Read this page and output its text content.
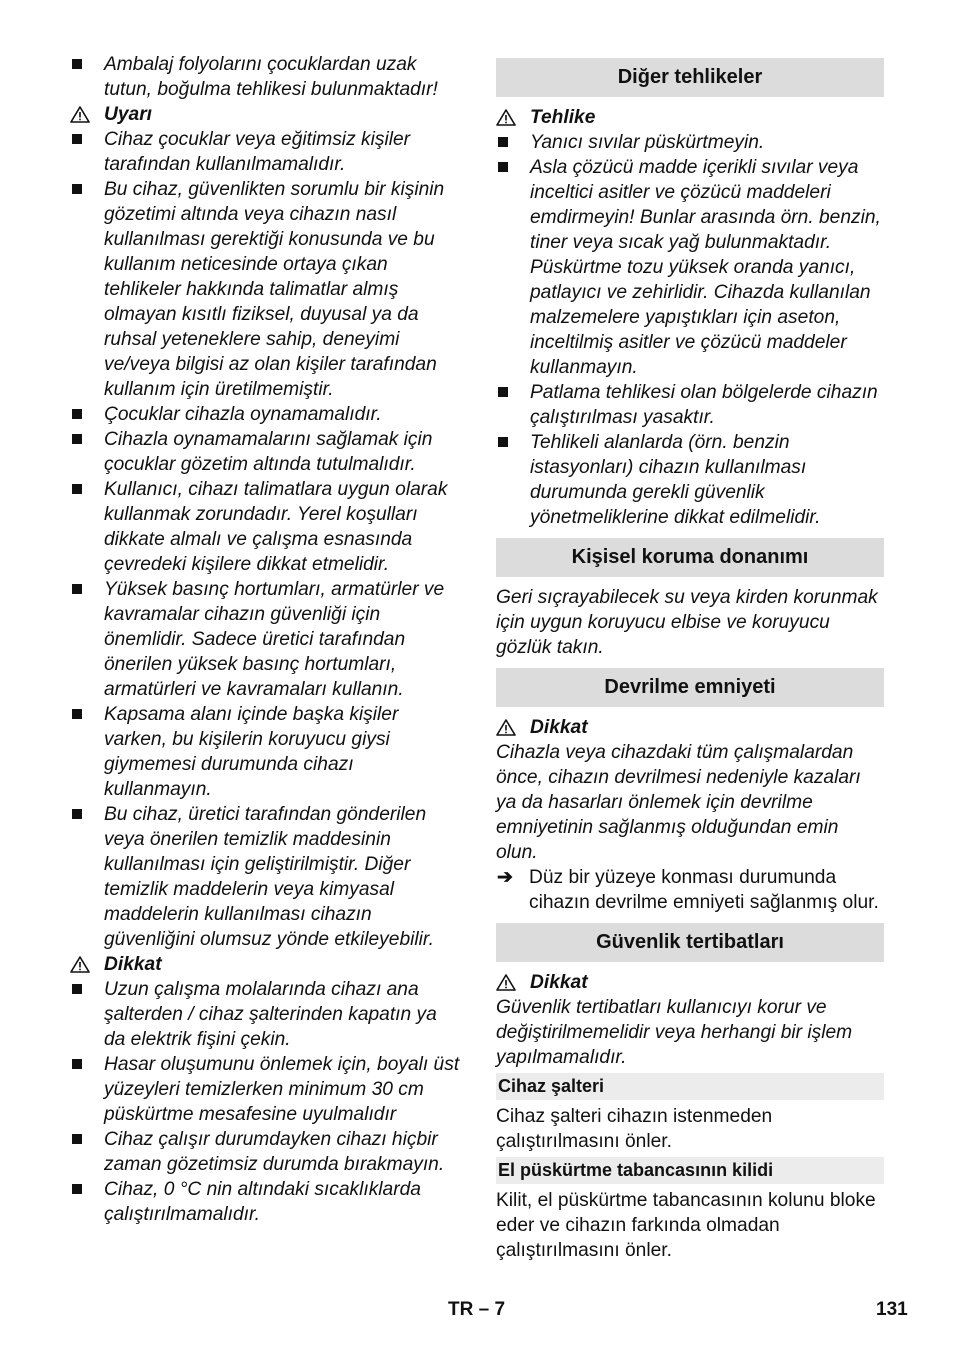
Ambalaj folyolarını çocuklardan uzak tutun, boğulma tehlikesi bulunmaktadır!
Uyarı
Cihaz çocuklar veya eğitimsiz kişiler tarafından kullanılmamalıdır.
Bu cihaz, güvenlikten sorumlu bir kişinin gözetimi altında veya cihazın nasıl kullanılması gerektiği konusunda ve bu kullanım neticesinde ortaya çıkan tehlikeler hakkında talimatlar almış olmayan kısıtlı fiziksel, duyusal ya da ruhsal yeteneklere sahip, deneyimi ve/veya bilgisi az olan kişiler tarafından kullanım için üretilmemiştir.
Çocuklar cihazla oynamamalıdır.
Cihazla oynamamalarını sağlamak için çocuklar gözetim altında tutulmalıdır.
Kullanıcı, cihazı talimatlara uygun olarak kullanmak zorundadır. Yerel koşulları dikkate almalı ve çalışma esnasında çevredeki kişilere dikkat etmelidir.
Yüksek basınç hortumları, armatürler ve kavramalar cihazın güvenliği için önemlidir. Sadece üretici tarafından önerilen yüksek basınç hortumları, armatürleri ve kavramaları kullanın.
Kapsama alanı içinde başka kişiler varken, bu kişilerin koruyucu giysi giymemesi durumunda cihazı kullanmayın.
Bu cihaz, üretici tarafından gönderilen veya önerilen temizlik maddesinin kullanılması için geliştirilmiştir. Diğer temizlik maddelerin veya kimyasal maddelerin kullanılması cihazın güvenliğini olumsuz yönde etkileyebilir.
Dikkat
Uzun çalışma molalarında cihazı ana şalterden / cihaz şalterinden kapatın ya da elektrik fişini çekin.
Hasar oluşumunu önlemek için, boyalı üst yüzeyleri temizlerken minimum 30 cm püskürtme mesafesine uyulmalıdır
Cihaz çalışır durumdayken cihazı hiçbir zaman gözetimsiz durumda bırakmayın.
Cihaz, 0 °C nin altındaki sıcaklıklarda çalıştırılmamalıdır.
Diğer tehlikeler
Tehlike
Yanıcı sıvılar püskürtmeyin.
Asla çözücü madde içerikli sıvılar veya inceltici asitler ve çözücü maddeleri emdirmeyin! Bunlar arasında örn. benzin, tiner veya sıcak yağ bulunmaktadır. Püskürtme tozu yüksek oranda yanıcı, patlayıcı ve zehirlidir. Cihazda kullanılan malzemelere yapıştıkları için aseton, inceltilmiş asitler ve çözücü maddeler kullanmayın.
Patlama tehlikesi olan bölgelerde cihazın çalıştırılması yasaktır.
Tehlikeli alanlarda (örn. benzin istasyonları) cihazın kullanılması durumunda gerekli güvenlik yönetmeliklerine dikkat edilmelidir.
Kişisel koruma donanımı
Geri sıçrayabilecek su veya kirden korunmak için uygun koruyucu elbise ve koruyucu gözlük takın.
Devrilme emniyeti
Dikkat
Cihazla veya cihazdaki tüm çalışmalardan önce, cihazın devrilmesi nedeniyle kazaları ya da hasarları önlemek için devrilme emniyetinin sağlanmış olduğundan emin olun.
➔ Düz bir yüzeye konması durumunda cihazın devrilme emniyeti sağlanmış olur.
Güvenlik tertibatları
Dikkat
Güvenlik tertibatları kullanıcıyı korur ve değiştirilmemelidir veya herhangi bir işlem yapılmamalıdır.
Cihaz şalteri
Cihaz şalteri cihazın istenmeden çalıştırılmasını önler.
El püskürtme tabancasının kilidi
Kilit, el püskürtme tabancasının kolunu bloke eder ve cihazın farkında olmadan çalıştırılmasını önler.
TR – 7	131
